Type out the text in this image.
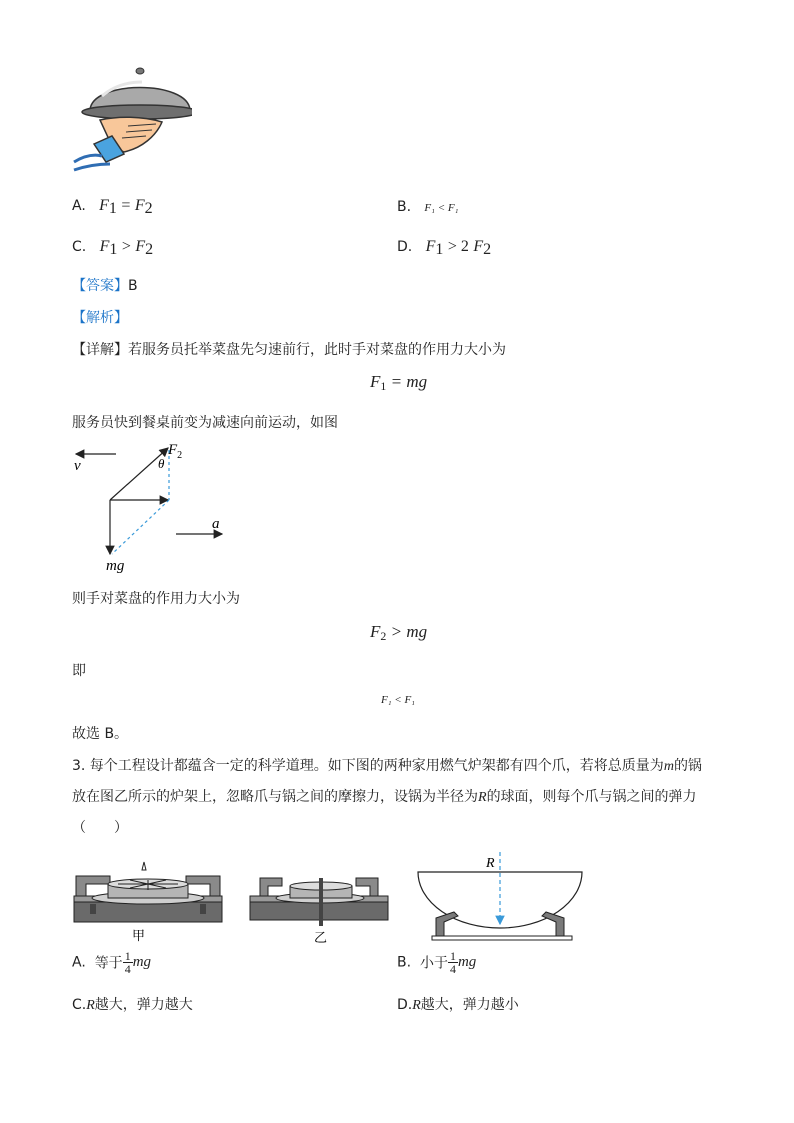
A. $F_1 = F_2$	B. F₁ < F₁
C. $F_1 > F_2$	D. $F_1 > 2$ $F_2$
【答案】B
【解析】
【详解】若服务员托举菜盘先匀速前行，此时手对菜盘的作用力大小为
$F_1$ = mg
服务员快到餐桌前变为减速向前运动，如图
v
$F_2$
θ
mg
a
则手对菜盘的作用力大小为
$F_2$ > mg
即
F₁ < F₁
故选 B。
3. 每个工程设计都蕴含一定的科学道理。如下图的两种家用燃气炉架都有四个爪，若将总质量为m的锅
放在图乙所示的炉架上，忽略爪与锅之间的摩擦力，设锅为半径为R的球面，则每个爪与锅之间的弹力
（　　）
甲	乙
R
A. 等于 $\frac{1}{4}$ mg	B. 小于 $\frac{1}{4}$ mg
C.R越大，弹力越大	D.R越大，弹力越小
